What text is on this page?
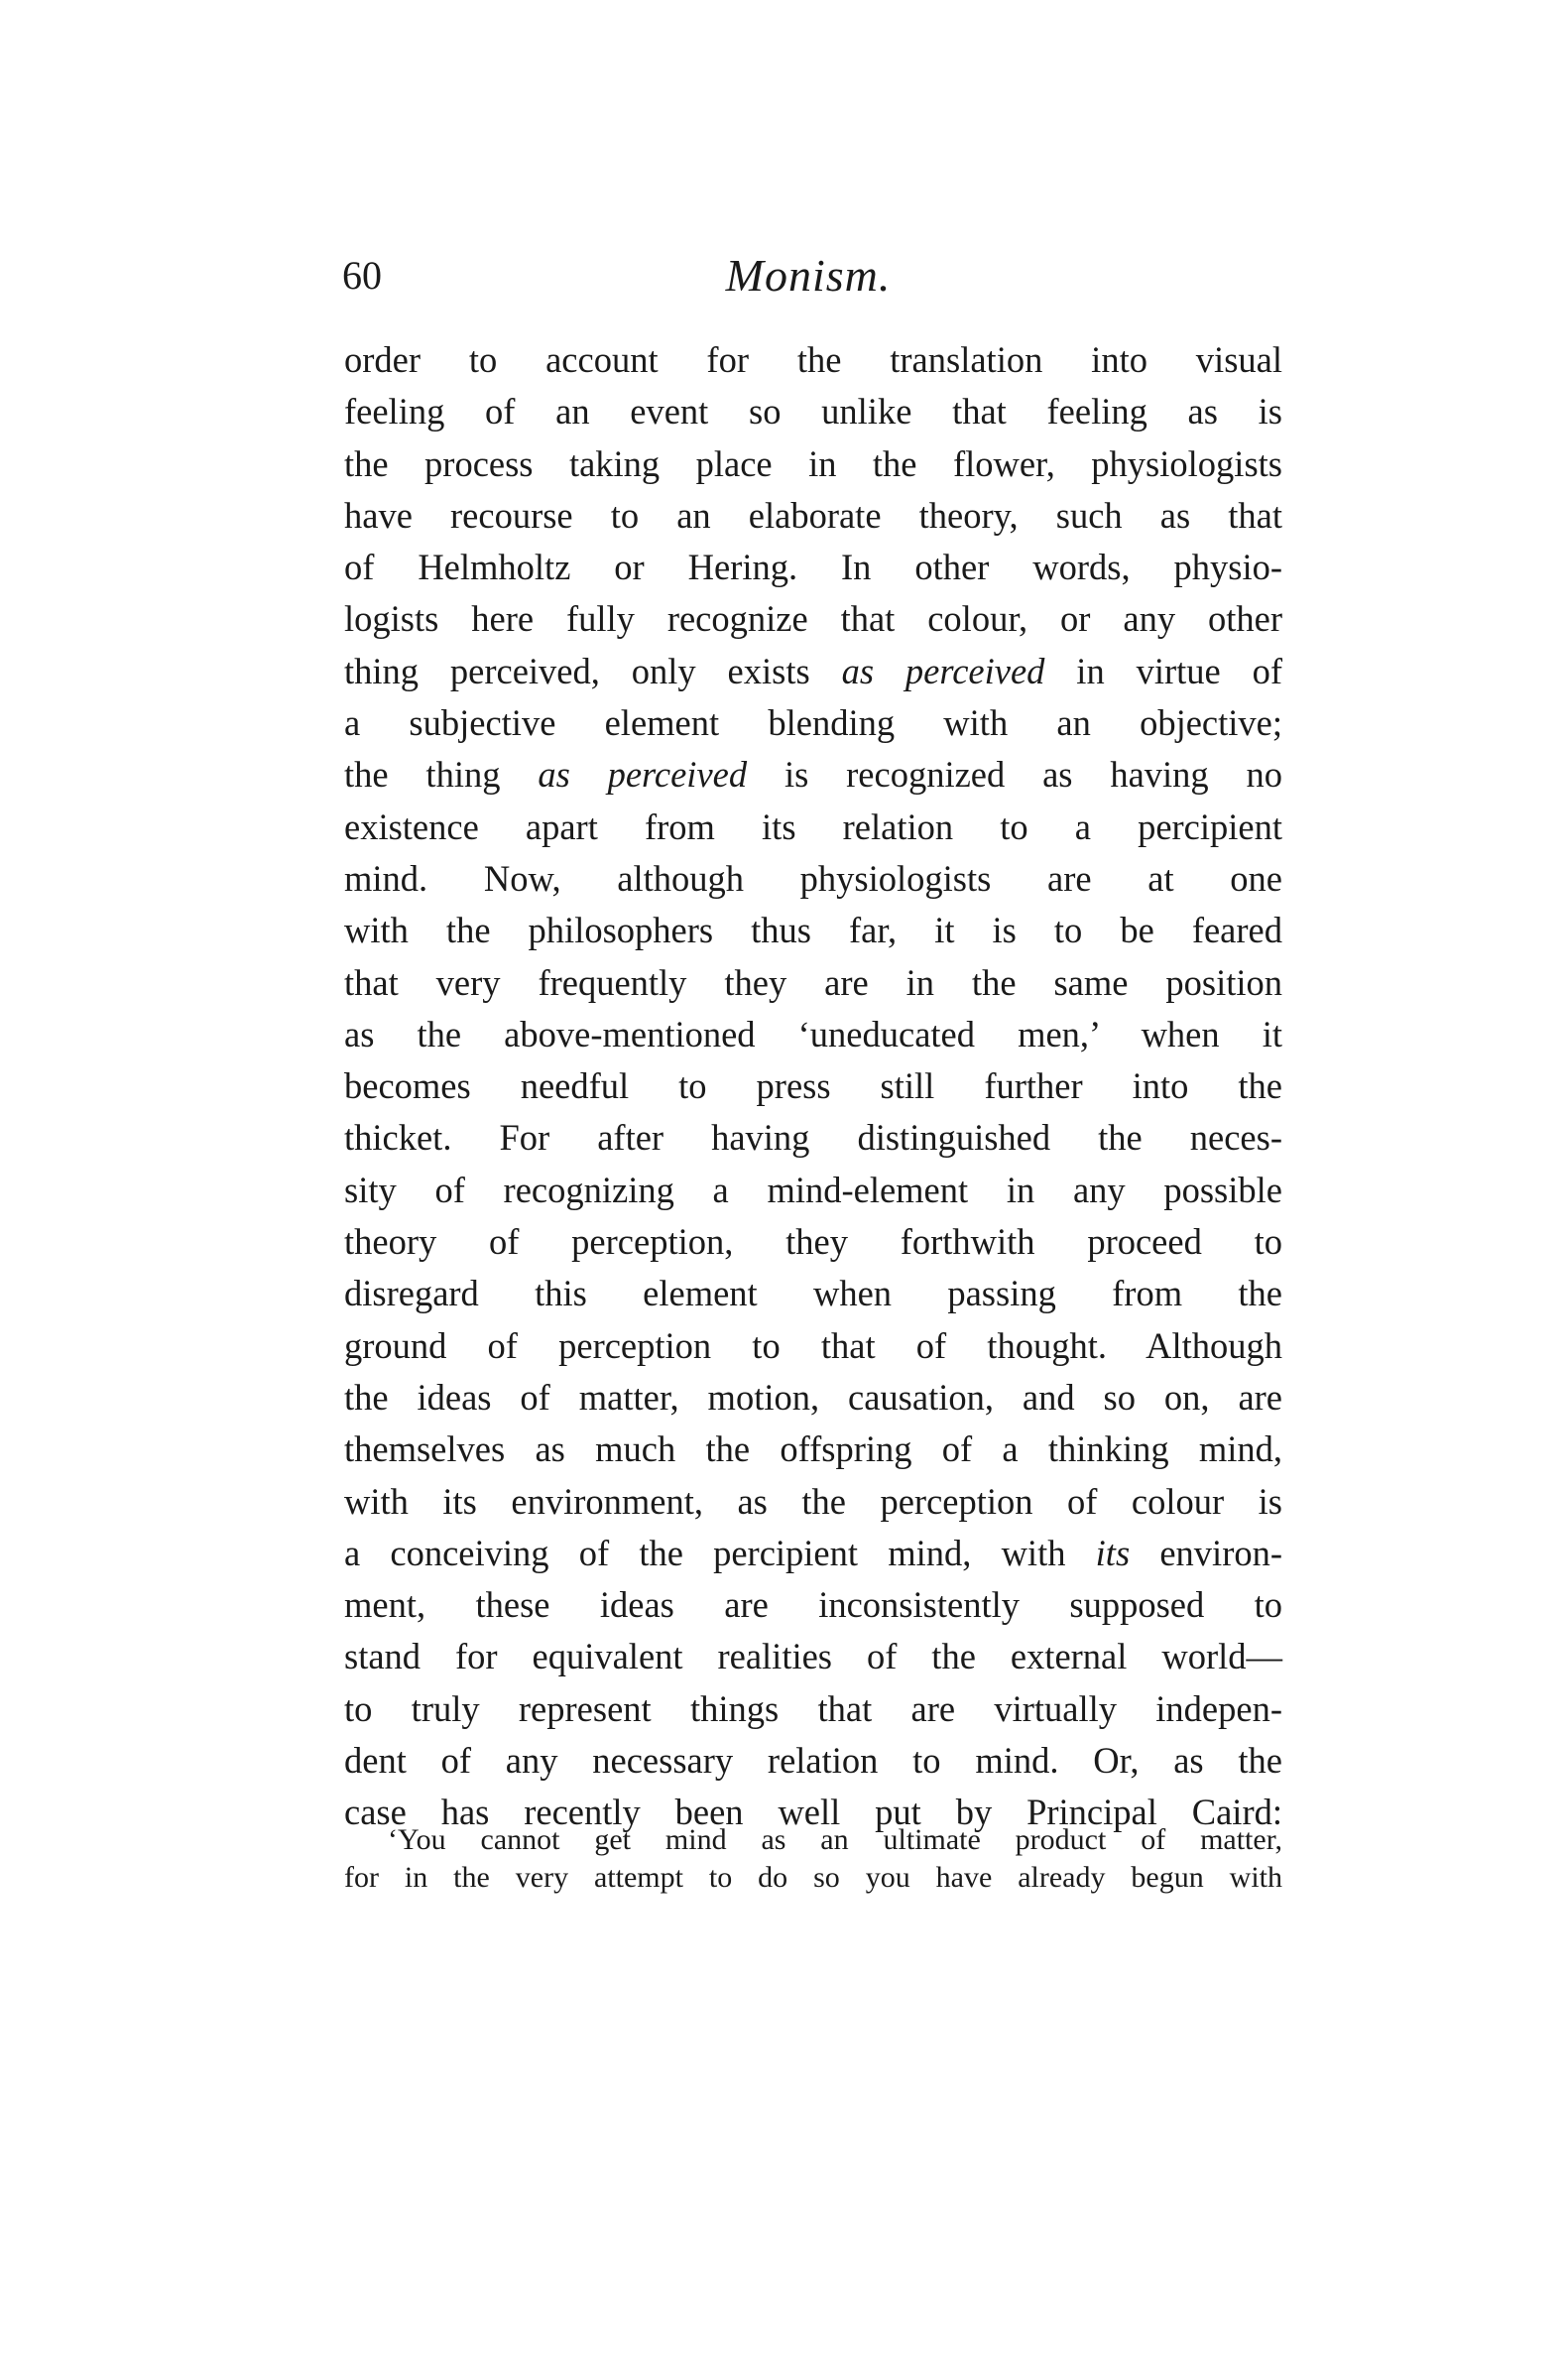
60	Monism.
order to account for the translation into visual
feeling of an event so unlike that feeling as is
the process taking place in the flower, physiologists
have recourse to an elaborate theory, such as that
of Helmholtz or Hering. In other words, physio-
logists here fully recognize that colour, or any other
thing perceived, only exists as perceived in virtue of
a subjective element blending with an objective;
the thing as perceived is recognized as having no
existence apart from its relation to a percipient
mind. Now, although physiologists are at one
with the philosophers thus far, it is to be feared
that very frequently they are in the same position
as the above-mentioned ‘uneducated men,’ when it
becomes needful to press still further into the
thicket. For after having distinguished the neces-
sity of recognizing a mind-element in any possible
theory of perception, they forthwith proceed to
disregard this element when passing from the
ground of perception to that of thought. Although
the ideas of matter, motion, causation, and so on, are
themselves as much the offspring of a thinking mind,
with its environment, as the perception of colour is
a conceiving of the percipient mind, with its environ-
ment, these ideas are inconsistently supposed to
stand for equivalent realities of the external world—
to truly represent things that are virtually indepen-
dent of any necessary relation to mind. Or, as the
case has recently been well put by Principal Caird:
‘You cannot get mind as an ultimate product of matter,
for in the very attempt to do so you have already begun with
